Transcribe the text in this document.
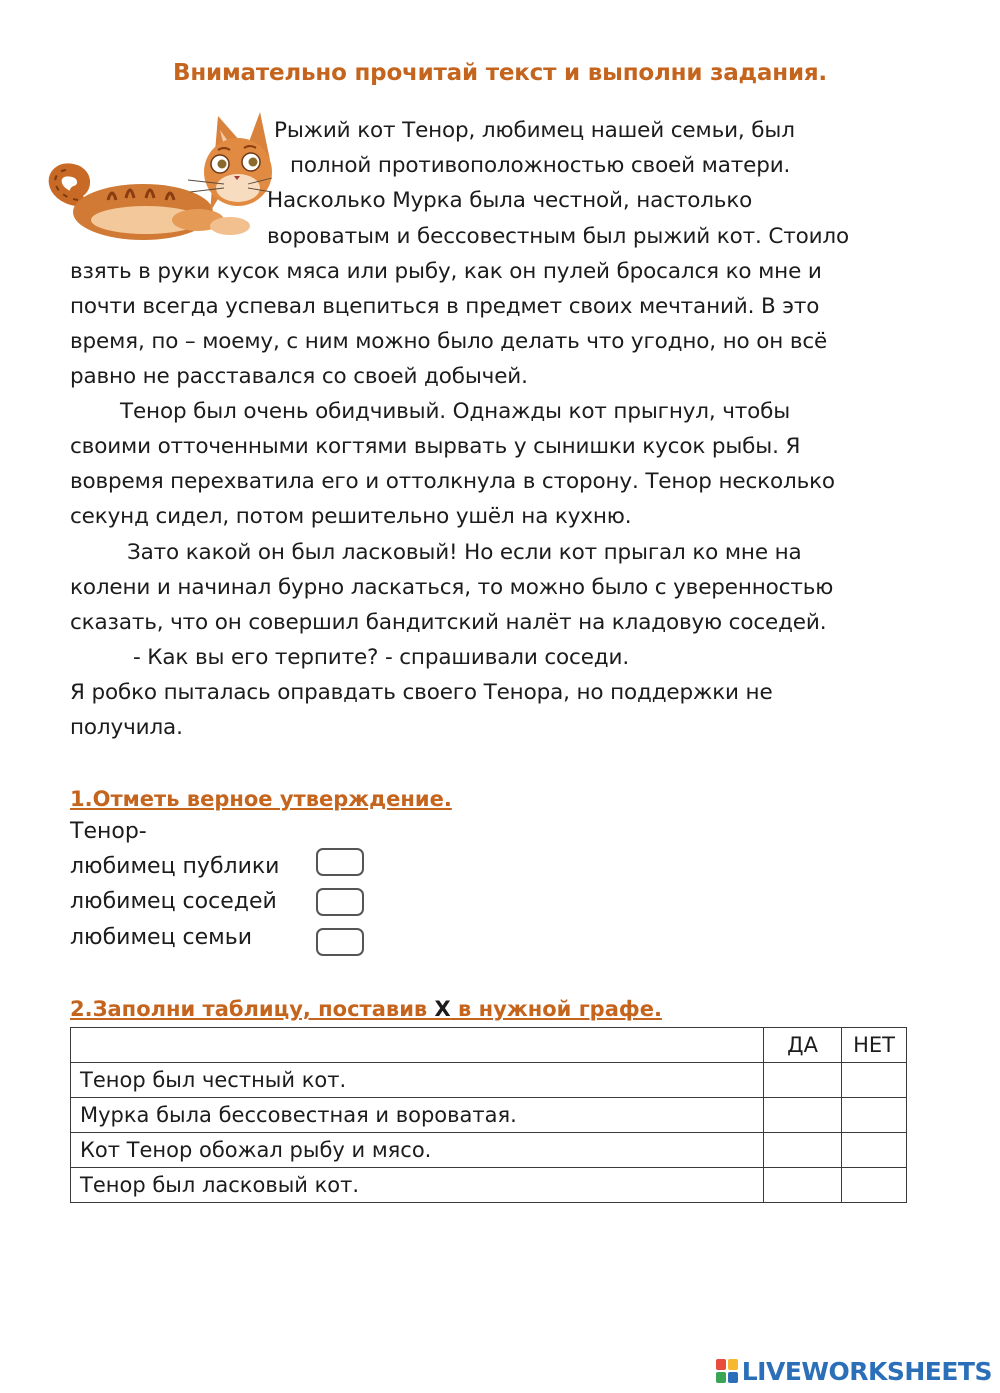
Внимательно прочитай текст и выполни задания.
Рыжий кот Тенор, любимец нашей семьи, был
полной противоположностью своей матери.
Насколько Мурка была честной, настолько
вороватым и бессовестным был рыжий кот. Стоило
взять в руки кусок мяса или рыбу, как он пулей бросался ко мне и
почти всегда успевал вцепиться в предмет своих мечтаний. В это
время, по – моему, с ним можно было делать что угодно, но он всё
равно не расставался со своей добычей.
Тенор был очень обидчивый. Однажды кот прыгнул, чтобы
своими отточенными когтями вырвать у сынишки кусок рыбы. Я
вовремя перехватила его и оттолкнула в сторону. Тенор несколько
секунд сидел, потом решительно ушёл на кухню.
Зато какой он был ласковый! Но если кот прыгал ко мне на
колени и начинал бурно ласкаться, то можно было с уверенностью
сказать, что он совершил бандитский налёт на кладовую соседей.
- Как вы его терпите? - спрашивали соседи.
Я робко пыталась оправдать своего Тенора, но поддержки не
получила.
1.Отметь верное утверждение.
Тенор-
любимец публики
любимец соседей
любимец семьи
2.Заполни таблицу, поставив Х в нужной графе.
	ДА	НЕТ
Тенор был честный кот.		
Мурка была бессовестная и вороватая.		
Кот Тенор обожал рыбу и мясо.		
Тенор был ласковый кот.		
LIVEWORKSHEETS
